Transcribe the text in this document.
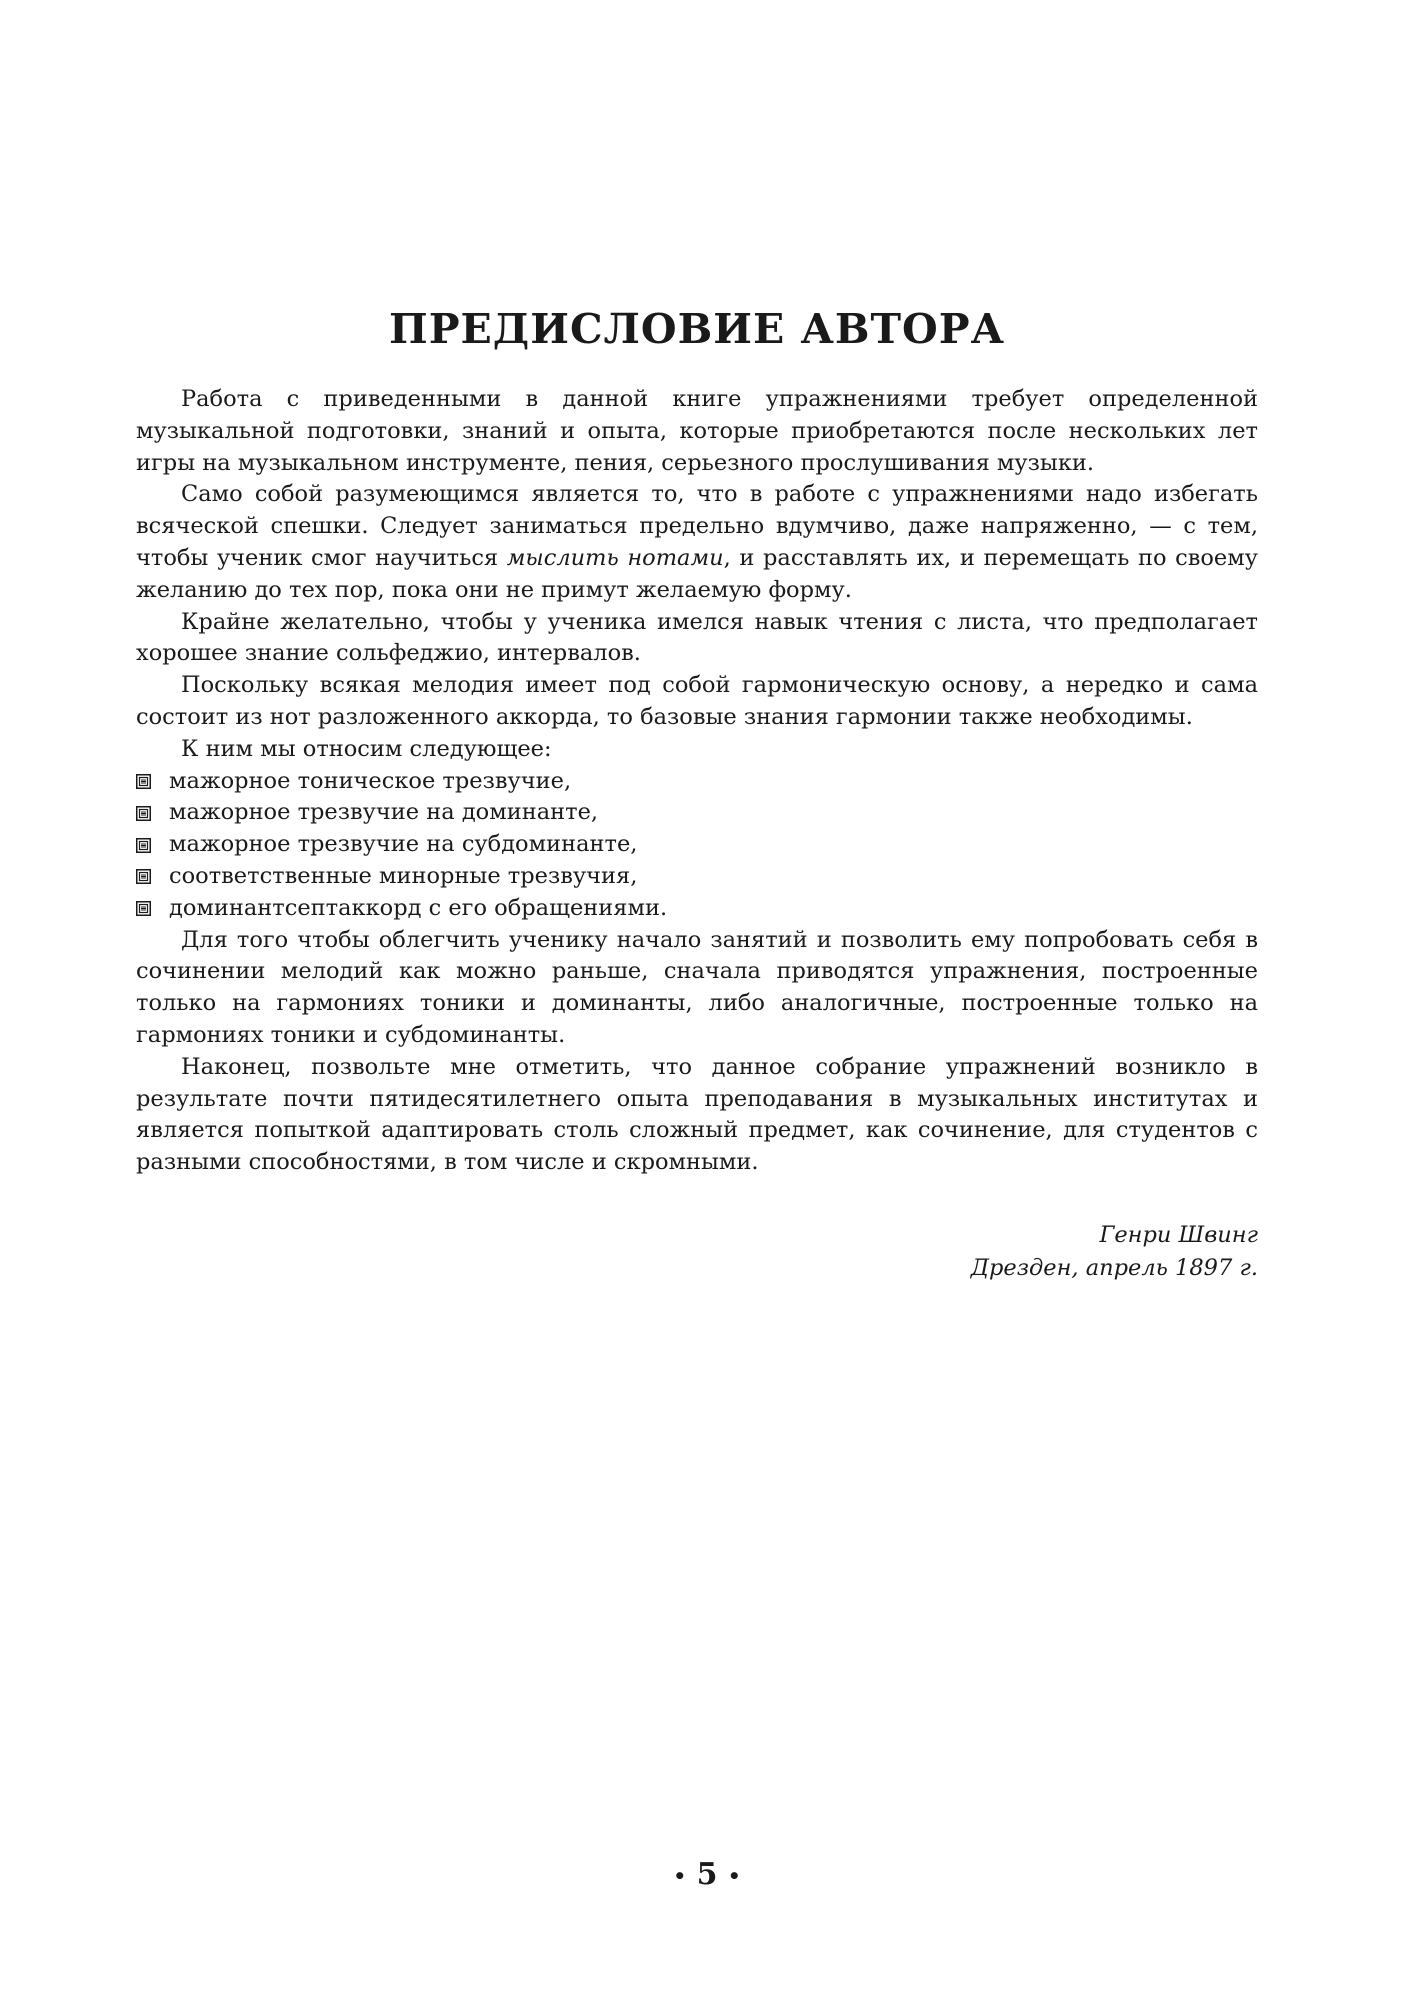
ПРЕДИСЛОВИЕ АВТОРА

Работа с приведенными в данной книге упражнениями требует определенной музыкальной подготовки, знаний и опыта, которые приобретаются после нескольких лет игры на музыкальном инструменте, пения, серьезного прослушивания музыки.

Само собой разумеющимся является то, что в работе с упражнениями надо избегать всяческой спешки. Следует заниматься предельно вдумчиво, даже напряженно, — с тем, чтобы ученик смог научиться мыслить нотами, и расставлять их, и перемещать по своему желанию до тех пор, пока они не примут желаемую форму.

Крайне желательно, чтобы у ученика имелся навык чтения с листа, что предполагает хорошее знание сольфеджио, интервалов.

Поскольку всякая мелодия имеет под собой гармоническую основу, а нередко и сама состоит из нот разложенного аккорда, то базовые знания гармонии также необходимы.

К ним мы относим следующее:

мажорное тоническое трезвучие,
мажорное трезвучие на доминанте,
мажорное трезвучие на субдоминанте,
соответственные минорные трезвучия,
доминантсептаккорд с его обращениями.

Для того чтобы облегчить ученику начало занятий и позволить ему попробовать себя в сочинении мелодий как можно раньше, сначала приводятся упражнения, построенные только на гармониях тоники и доминанты, либо аналогичные, построенные только на гармониях тоники и субдоминанты.

Наконец, позвольте мне отметить, что данное собрание упражнений возникло в результате почти пятидесятилетнего опыта преподавания в музыкальных институтах и является попыткой адаптировать столь сложный предмет, как сочинение, для студентов с разными способностями, в том числе и скромными.

Генри Швинг
Дрезден, апрель 1897 г.
• 5 •
